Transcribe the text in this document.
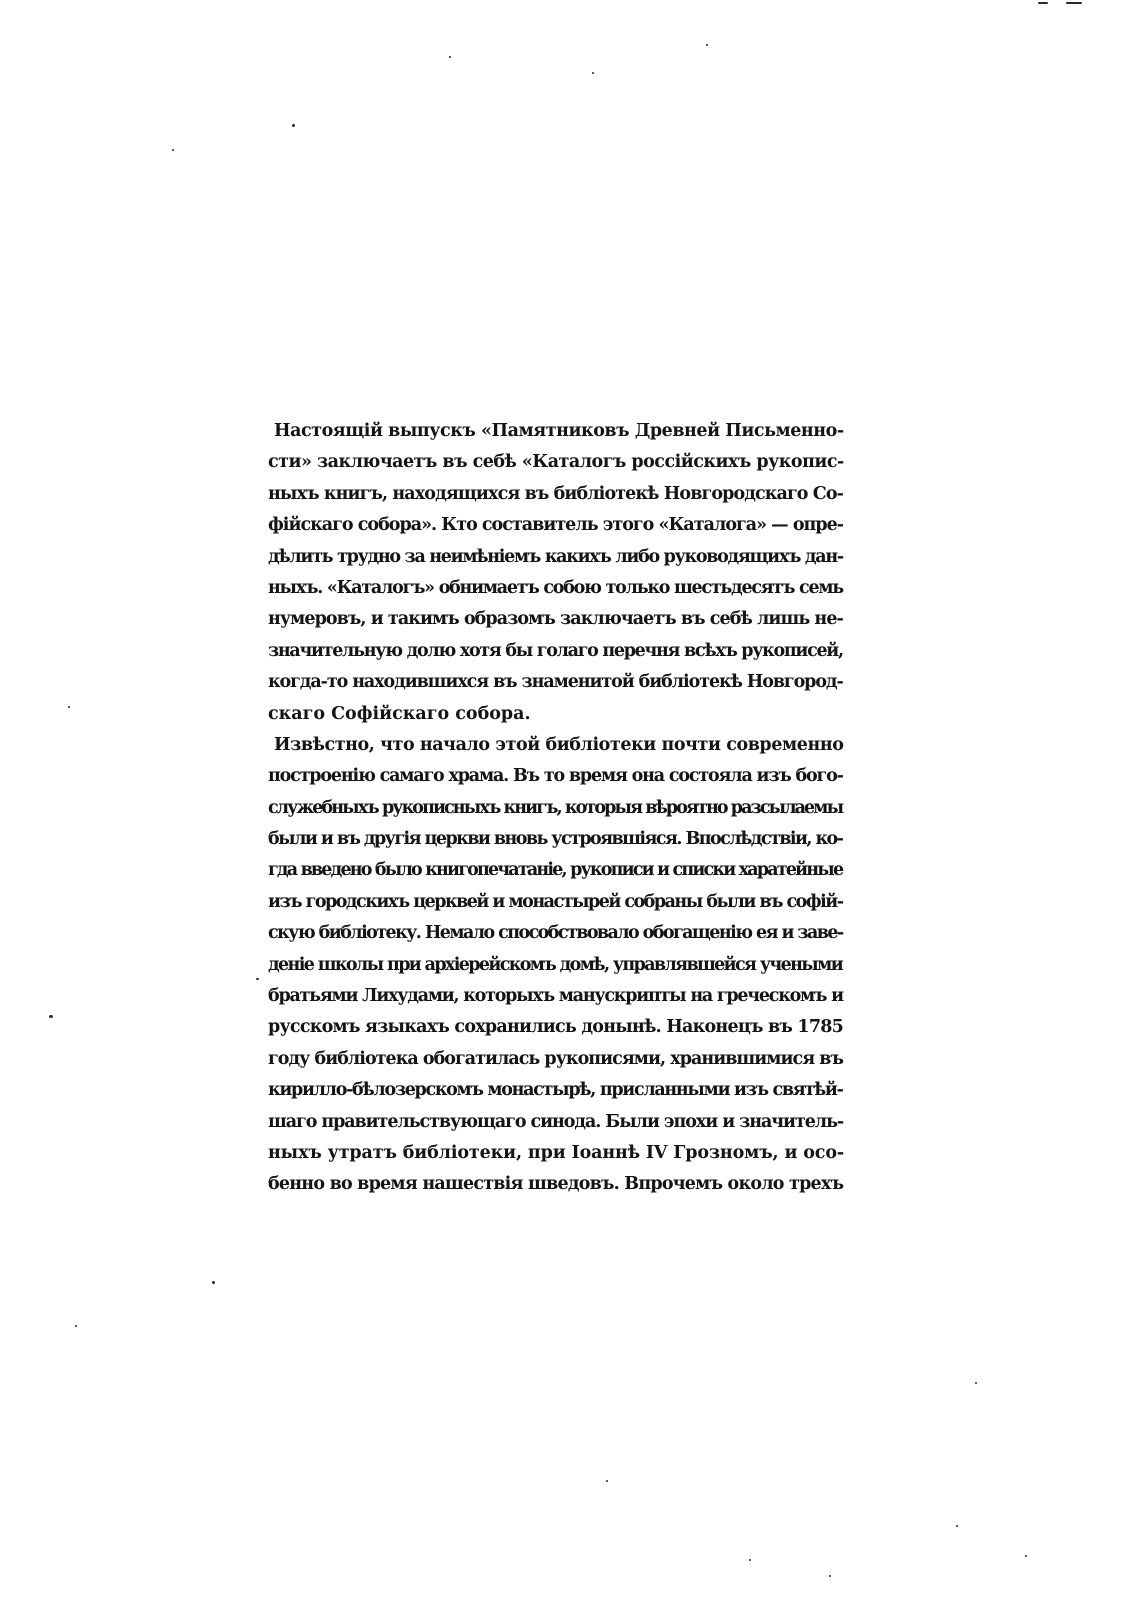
Настоящій выпускъ «Памятниковъ Древней Письменно-
сти» заключаетъ въ себѣ «Каталогъ россійскихъ рукопис-
ныхъ книгъ, находящихся въ библіотекѣ Новгородскаго Со-
фійскаго собора». Кто составитель этого «Каталога» — опре-
дѣлить трудно за неимѣніемъ какихъ либо руководящихъ дан-
ныхъ. «Каталогъ» обнимаетъ собою только шестьдесятъ семь
нумеровъ, и такимъ образомъ заключаетъ въ себѣ лишь не-
значительную долю хотя бы голаго перечня всѣхъ рукописей,
когда-то находившихся въ знаменитой библіотекѣ Новгород-
скаго Софійскаго собора.
Извѣстно, что начало этой библіотеки почти современно
построенію самаго храма. Въ то время она состояла изъ бого-
служебныхъ рукописныхъ книгъ, которыя вѣроятно разсылаемы
были и въ другія церкви вновь устроявшіяся. Впослѣдствіи, ко-
гда введено было книгопечатаніе, рукописи и списки харатейные
изъ городскихъ церквей и монастырей собраны были въ софій-
скую библіотеку. Немало способствовало обогащенію ея и заве-
деніе школы при архіерейскомъ домѣ, управлявшейся учеными
братьями Лихудами, которыхъ манускрипты на греческомъ и
русскомъ языкахъ сохранились донынѣ. Наконецъ въ 1785
году библіотека обогатилась рукописями, хранившимися въ
кирилло-бѣлозерскомъ монастырѣ, присланными изъ святѣй-
шаго правительствующаго синода. Были эпохи и значитель-
ныхъ утратъ библіотеки, при Іоаннѣ IV Грозномъ, и осо-
бенно во время нашествія шведовъ. Впрочемъ около трехъ
